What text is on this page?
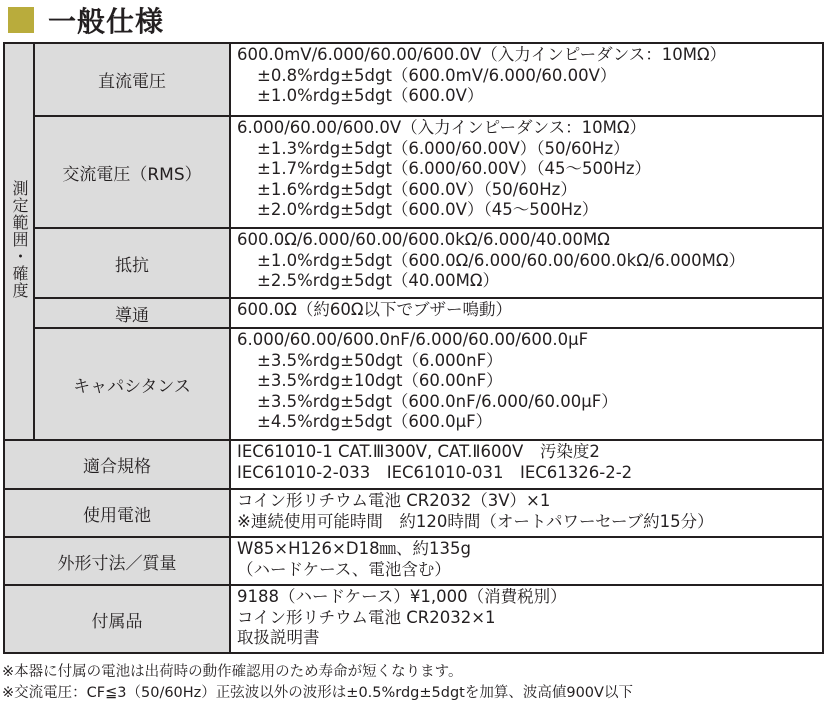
一般仕様
測定範囲・確度	直流電圧	600.0mV/6.000/60.00/600.0V（入力インピーダンス：10MΩ）
±0.8%rdg±5dgt（600.0mV/6.000/60.00V）
±1.0%rdg±5dgt（600.0V）

	交流電圧（RMS）	6.000/60.00/600.0V（入力インピーダンス：10MΩ）
±1.3%rdg±5dgt（6.000/60.00V）（50/60Hz）
±1.7%rdg±5dgt（6.000/60.00V）（45～500Hz）
±1.6%rdg±5dgt（600.0V）（50/60Hz）
±2.0%rdg±5dgt（600.0V）（45～500Hz）

	抵抗	600.0Ω/6.000/60.00/600.0kΩ/6.000/40.00MΩ
±1.0%rdg±5dgt（600.0Ω/6.000/60.00/600.0kΩ/6.000MΩ）
±2.5%rdg±5dgt（40.00MΩ）

	導通	600.0Ω（約60Ω以下でブザー鳴動）

	キャパシタンス	6.000/60.00/600.0nF/6.000/60.00/600.0μF
±3.5%rdg±50dgt（6.000nF）
±3.5%rdg±10dgt（60.00nF）
±3.5%rdg±5dgt（600.0nF/6.000/60.00μF）
±4.5%rdg±5dgt（600.0μF）

適合規格		IEC61010-1 CAT.Ⅲ300V, CAT.Ⅱ600V　汚染度2
IEC61010-2-033　IEC61010-031　IEC61326-2-2

使用電池		コイン形リチウム電池 CR2032（3V）×1
※連続使用可能時間　約120時間（オートパワーセーブ約15分）

外形寸法／質量		W85×H126×D18㎜、約135g
（ハードケース、電池含む）

付属品		9188（ハードケース）¥1,000（消費税別）
コイン形リチウム電池 CR2032×1
取扱説明書
※本器に付属の電池は出荷時の動作確認用のため寿命が短くなります。
※交流電圧：CF≦3（50/60Hz）正弦波以外の波形は±0.5%rdg±5dgtを加算、波高値900V以下
